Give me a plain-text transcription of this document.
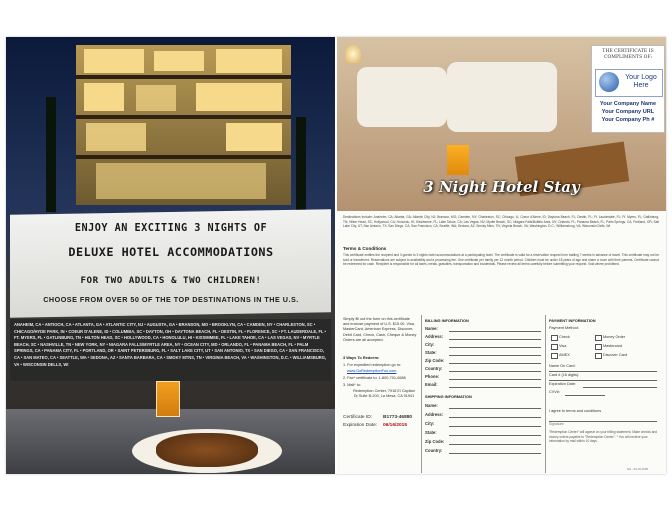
ENJOY AN EXCITING 3 NIGHTS OF
DELUXE HOTEL ACCOMMODATIONS
FOR TWO ADULTS & TWO CHILDREN!
CHOOSE FROM OVER 50 OF THE TOP DESTINATIONS IN THE U.S.
ANAHEIM, CA • ANTIOCH, CA • ATLANTA, GA • ATLANTIC CITY, NJ • AUGUSTA, GA • BRANSON, MO • BROOKLYN, CA • CAMDEN, NY • CHARLESTON, SC • CHICAGO/HYDE PARK, IN • COEUR D'ALENE, ID • COLUMBIA, SC • DAYTON, OH • DAYTONA BEACH, FL • DESTIN, FL • FLORENCE, SC • FT. LAUDERDALE, FL • FT. MYERS, FL • GATLINBURG, TN • HILTON HEAD, SC • HOLLYWOOD, CA • HONOLULU, HI • KISSIMMEE, FL • LAKE TAHOE, CA • LAS VEGAS, NV • MYRTLE BEACH, SC • NASHVILLE, TN • NEW YORK, NY • NIAGARA FALLS/MYRTLE AREA, NY • OCEAN CITY, MD • ORLANDO, FL • PANAMA BEACH, FL • PALM SPRINGS, CA • PANAMA CITY, FL • PORTLAND, OR • SAINT PETERSBURG, FL • SALT LAKE CITY, UT • SAN ANTONIO, TX • SAN DIEGO, CA • SAN FRANCISCO, CA • SAN MATEO, CA • SEATTLE, WA • SEDONA, AZ • SANTA BARBARA, CA • SMOKY MTNS, TN • VIRGINIA BEACH, VA • WASHINGTON, D.C. • WILLIAMSBURG, VA • WISCONSIN DELLS, WI
3 Night Hotel Stay
THE CERTIFICATE IS
COMPLIMENTS OF:
Your Logo
Here
Your Company Name
Your Company URL
Your Company Ph #
Destinations Include: Anaheim, CA; Atlanta, GA; Atlantic City, NJ; Branson, MO; Camden, NY; Charleston, SC; Chicago, IL; Coeur d'Alene, ID; Daytona Beach, FL; Destin, FL; Ft. Lauderdale, FL; Ft. Myers, FL; Gatlinburg, TN; Hilton Head, SC; Hollywood, CA; Honolulu, HI; Kissimmee, FL; Lake Tahoe, CA; Las Vegas, NV; Myrtle Beach, SC; Niagara Falls/Buffalo Area, NY; Orlando, FL; Panama Beach, FL; Palm Springs, CA; Portland, OR; Salt Lake City, UT; San Antonio, TX; San Diego, CA; San Francisco, CA; Seattle, WA; Sedona, AZ; Smoky Mtns, TN; Virginia Beach, VA; Washington, D.C.; Williamsburg, VA; Wisconsin Dells, WI.
Terms & Conditions
This certificate entitles the recipient and 3 guests to 3 nights hotel accommodations at a participating hotel. The certificate is valid for a reservation request form mailing 7 weeks in advance of travel. This certificate may not be sold or transferred. Reservations are subject to availability and a processing fee. One certificate per family per 12 month period. Children must be under 18 years of age and share a room with their parents. Certificate cannot be redeemed for cash. Recipient is responsible for all taxes, meals, gratuities, transportation and incidentals. Please review all terms carefully before submitting your request. Void where prohibited.
Simply fill out the form on this certificate and enclose payment of U.S. $15.00. Visa, MasterCard, American Express, Discover, Debit Card, Check, Cash, Cheque & Money Orders are all accepted.
3 Ways To Redeem:
1. For expedited redemption go to:
www.GoRedemptionFun.com
2. Fax* certificate to: 1-800-701-0686
3. Mail* to:
Redemption Center, 7918 El Capitan Dr Suite B-200, La Mesa, CA 91941
Certificate ID: B1773-46880
Expiration Date: 06/16/2015
BILLING INFORMATION
Name:
Address:
City:
State:
Zip Code:
Country:
Phone:
Email:
SHIPPING INFORMATION
Name:
Address:
City:
State:
Zip Code:
Country:
PAYMENT INFORMATION
Payment Method:
Check	Money Order
Visa	Mastercard
AMEX	Discover Card
Name On Card:
Card # (16 digits):
Expiration Date:
CVV#:
I agree to terms and conditions
Signature:
"Redemption Center" will appear on your billing statement. Make checks and money orders payable to "Redemption Center". * You will receive your information by mail within 10 days.
NG - 09-10-2008
